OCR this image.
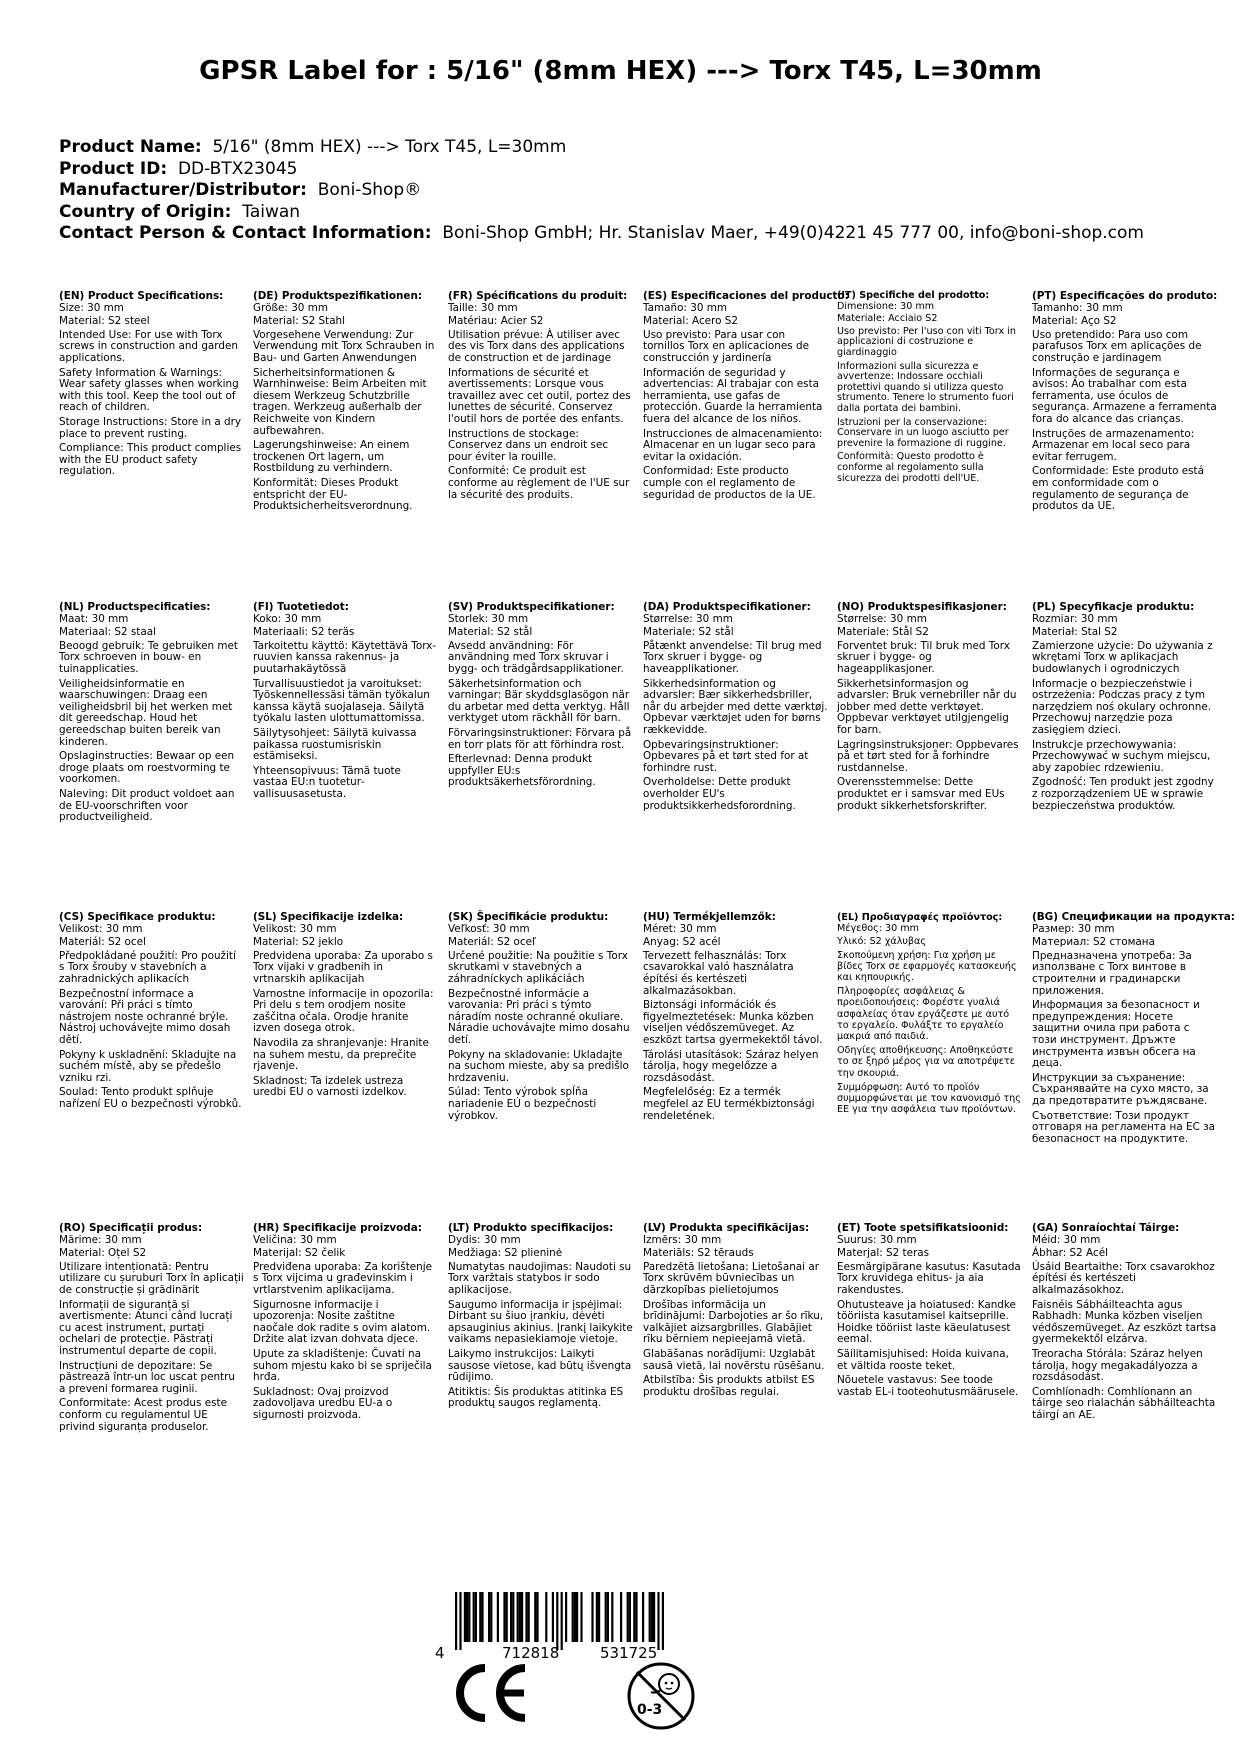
GPSR Label for : 5/16" (8mm HEX) ---> Torx T45, L=30mm
Product Name: 5/16" (8mm HEX) ---> Torx T45, L=30mm
Product ID: DD-BTX23045
Manufacturer/Distributor: Boni-Shop®
Country of Origin: Taiwan
Contact Person & Contact Information: Boni-Shop GmbH; Hr. Stanislav Maer, +49(0)4221 45 777 00, info@boni-shop.com
(EN) Product Specifications:
Size: 30 mm
Material: S2 steel
Intended Use: For use with Torx screws in construction and garden applications.
Safety Information & Warnings: Wear safety glasses when working with this tool. Keep the tool out of reach of children.
Storage Instructions: Store in a dry place to prevent rusting.
Compliance: This product complies with the EU product safety regulation.
(DE) Produktspezifikationen:
Größe: 30 mm
Material: S2 Stahl
Vorgesehene Verwendung: Zur Verwendung mit Torx Schrauben in Bau- und Garten Anwendungen
Sicherheitsinformationen & Warnhinweise: Beim Arbeiten mit diesem Werkzeug Schutzbrille tragen. Werkzeug außerhalb der Reichweite von Kindern aufbewahren.
Lagerungshinweise: An einem trockenen Ort lagern, um Rostbildung zu verhindern.
Konformität: Dieses Produkt entspricht der EU-Produktsicherheitsverordnung.
(FR) Spécifications du produit:
Taille: 30 mm
Matériau: Acier S2
Utilisation prévue: À utiliser avec des vis Torx dans des applications de construction et de jardinage
Informations de sécurité et avertissements: Lorsque vous travaillez avec cet outil, portez des lunettes de sécurité. Conservez l'outil hors de portée des enfants.
Instructions de stockage: Conservez dans un endroit sec pour éviter la rouille.
Conformité: Ce produit est conforme au règlement de l'UE sur la sécurité des produits.
(ES) Especificaciones del producto:
Tamaño: 30 mm
Material: Acero S2
Uso previsto: Para usar con tornillos Torx en aplicaciones de construcción y jardinería
Información de seguridad y advertencias: Al trabajar con esta herramienta, use gafas de protección. Guarde la herramienta fuera del alcance de los niños.
Instrucciones de almacenamiento: Almacenar en un lugar seco para evitar la oxidación.
Conformidad: Este producto cumple con el reglamento de seguridad de productos de la UE.
(IT) Specifiche del prodotto:
Dimensione: 30 mm
Materiale: Acciaio S2
Uso previsto: Per l'uso con viti Torx in applicazioni di costruzione e giardinaggio
Informazioni sulla sicurezza e avvertenze: Indossare occhiali protettivi quando si utilizza questo strumento. Tenere lo strumento fuori dalla portata dei bambini.
Istruzioni per la conservazione: Conservare in un luogo asciutto per prevenire la formazione di ruggine.
Conformità: Questo prodotto è conforme al regolamento sulla sicurezza dei prodotti dell'UE.
(PT) Especificações do produto:
Tamanho: 30 mm
Material: Aço S2
Uso pretendido: Para uso com parafusos Torx em aplicações de construção e jardinagem
Informações de segurança e avisos: Ao trabalhar com esta ferramenta, use óculos de segurança. Armazene a ferramenta fora do alcance das crianças.
Instruções de armazenamento: Armazenar em local seco para evitar ferrugem.
Conformidade: Este produto está em conformidade com o regulamento de segurança de produtos da UE.
(NL) Productspecificaties:
Maat: 30 mm
Materiaal: S2 staal
Beoogd gebruik: Te gebruiken met Torx schroeven in bouw- en tuinapplicaties.
Veiligheidsinformatie en waarschuwingen: Draag een veiligheidsbril bij het werken met dit gereedschap. Houd het gereedschap buiten bereik van kinderen.
Opslaginstructies: Bewaar op een droge plaats om roestvorming te voorkomen.
Naleving: Dit product voldoet aan de EU-voorschriften voor productveiligheid.
(FI) Tuotetiedot:
Koko: 30 mm
Materiaali: S2 teräs
Tarkoitettu käyttö: Käytettävä Torx-ruuvien kanssa rakennus- ja puutarhakäytössä
Turvallisuustiedot ja varoitukset: Työskennellessäsi tämän työkalun kanssa käytä suojalaseja. Säilytä työkalu lasten ulottumattomissa.
Säilytysohjeet: Säilytä kuivassa paikassa ruostumisriskin estämiseksi.
Yhteensopivuus: Tämä tuote vastaa EU:n tuoteturvallisuusasetusta.
(SV) Produktspecifikationer:
Storlek: 30 mm
Material: S2 stål
Avsedd användning: För användning med Torx skruvar i bygg- och trädgårdsapplikationer.
Säkerhetsinformation och varningar: Bär skyddsglasögon när du arbetar med detta verktyg. Håll verktyget utom räckhåll för barn.
Förvaringsinstruktioner: Förvara på en torr plats för att förhindra rost.
Efterlevnad: Denna produkt uppfyller EU:s produktsäkerhetsförordning.
(DA) Produktspecifikationer:
Størrelse: 30 mm
Materiale: S2 stål
Påtænkt anvendelse: Til brug med Torx skruer i bygge- og haveapplikationer.
Sikkerhedsinformation og advarsler: Bær sikkerhedsbriller, når du arbejder med dette værktøj. Opbevar værktøjet uden for børns rækkevidde.
Opbevaringsinstruktioner: Opbevares på et tørt sted for at forhindre rust.
Overholdelse: Dette produkt overholder EU's produktsikkerhedsforordning.
(NO) Produktspesifikasjoner:
Størrelse: 30 mm
Materiale: Stål S2
Forventet bruk: Til bruk med Torx skruer i bygge- og hageapplikasjoner.
Sikkerhetsinformasjon og advarsler: Bruk vernebriller når du jobber med dette verktøyet. Oppbevar verktøyet utilgjengelig for barn.
Lagringsinstruksjoner: Oppbevares på et tørt sted for å forhindre rustdannelse.
Overensstemmelse: Dette produktet er i samsvar med EUs produkt sikkerhetsforskrifter.
(PL) Specyfikacje produktu:
Rozmiar: 30 mm
Materiał: Stal S2
Zamierzone użycie: Do używania z wkrętami Torx w aplikacjach budowlanych i ogrodniczych
Informacje o bezpieczeństwie i ostrzeżenia: Podczas pracy z tym narzędziem noś okulary ochronne. Przechowuj narzędzie poza zasięgiem dzieci.
Instrukcje przechowywania: Przechowywać w suchym miejscu, aby zapobiec rdzewieniu.
Zgodność: Ten produkt jest zgodny z rozporządzeniem UE w sprawie bezpieczeństwa produktów.
(CS) Specifikace produktu:
Velikost: 30 mm
Materiál: S2 ocel
Předpokládané použití: Pro použití s Torx šrouby v stavebních a zahradnických aplikacích
Bezpečnostní informace a varování: Při práci s tímto nástrojem noste ochranné brýle. Nástroj uchovávejte mimo dosah dětí.
Pokyny k uskladnění: Skladujte na suchém místě, aby se předešlo vzniku rzi.
Soulad: Tento produkt splňuje nařízení EU o bezpečnosti výrobků.
(SL) Specifikacije izdelka:
Velikost: 30 mm
Material: S2 jeklo
Predvidena uporaba: Za uporabo s Torx vijaki v gradbenih in vrtnarskih aplikacijah
Varnostne informacije in opozorila: Pri delu s tem orodjem nosite zaščitna očala. Orodje hranite izven dosega otrok.
Navodila za shranjevanje: Hranite na suhem mestu, da preprečite rjavenje.
Skladnost: Ta izdelek ustreza uredbi EU o varnosti izdelkov.
(SK) Špecifikácie produktu:
Veľkosť: 30 mm
Materiál: S2 oceľ
Určené použitie: Na použitie s Torx skrutkami v stavebných a záhradníckych aplikáciách
Bezpečnostné informácie a varovania: Pri práci s týmto náradím noste ochranné okuliare. Náradie uchovávajte mimo dosahu detí.
Pokyny na skladovanie: Ukladajte na suchom mieste, aby sa predišlo hrdzaveniu.
Súlad: Tento výrobok spĺňa nariadenie EÚ o bezpečnosti výrobkov.
(HU) Termékjellemzők:
Méret: 30 mm
Anyag: S2 acél
Tervezett felhasználás: Torx csavarokkal való használatra építési és kertészeti alkalmazásokban.
Biztonsági információk és figyelmeztetések: Munka közben viseljen védőszemüveget. Az eszközt tartsa gyermekektől távol.
Tárolási utasítások: Száraz helyen tárolja, hogy megelőzze a rozsdásodást.
Megfelelőség: Ez a termék megfelel az EU termékbiztonsági rendeletének.
(EL) Προδιαγραφές προϊόντος:
Μέγεθος: 30 mm
Υλικό: S2 χάλυβας
Σκοπούμενη χρήση: Για χρήση με βίδες Torx σε εφαρμογές κατασκευής και κηπουρικής.
Πληροφορίες ασφάλειας & προειδοποιήσεις: Φορέστε γυαλιά ασφαλείας όταν εργάζεστε με αυτό το εργαλείο. Φυλάξτε το εργαλείο μακριά από παιδιά.
Οδηγίες αποθήκευσης: Αποθηκεύστε το σε ξηρό μέρος για να αποτρέψετε την σκουριά.
Συμμόρφωση: Αυτό το προϊόν συμμορφώνεται με τον κανονισμό της ΕΕ για την ασφάλεια των προϊόντων.
(BG) Спецификации на продукта:
Размер: 30 mm
Материал: S2 стомана
Предназначена употреба: За използване с Torx винтове в строителни и градинарски приложения.
Информация за безопасност и предупреждения: Носете защитни очила при работа с този инструмент. Дръжте инструмента извън обсега на деца.
Инструкции за съхранение: Съхранявайте на сухо място, за да предотвратите ръждясване.
Съответствие: Този продукт отговаря на регламента на ЕС за безопасност на продуктите.
(RO) Specificații produs:
Mărime: 30 mm
Material: Oțel S2
Utilizare intenționată: Pentru utilizare cu șuruburi Torx în aplicații de construcție și grădinărit
Informații de siguranță și avertismente: Atunci când lucrați cu acest instrument, purtați ochelari de protecție. Păstrați instrumentul departe de copii.
Instrucțiuni de depozitare: Se păstrează într-un loc uscat pentru a preveni formarea ruginii.
Conformitate: Acest produs este conform cu regulamentul UE privind siguranța produselor.
(HR) Specifikacije proizvoda:
Veličina: 30 mm
Materijal: S2 čelik
Predviđena uporaba: Za korištenje s Torx vijcima u građevinskim i vrtlarstvenim aplikacijama.
Sigurnosne informacije i upozorenja: Nosite zaštitne naočale dok radite s ovim alatom. Držite alat izvan dohvata djece.
Upute za skladištenje: Čuvati na suhom mjestu kako bi se spriječila hrđa.
Sukladnost: Ovaj proizvod zadovoljava uredbu EU-a o sigurnosti proizvoda.
(LT) Produkto specifikacijos:
Dydis: 30 mm
Medžiaga: S2 plieninė
Numatytas naudojimas: Naudoti su Torx varžtais statybos ir sodo aplikacijose.
Saugumo informacija ir įspėjimai: Dirbant su šiuo įrankiu, dėvėti apsauginius akinius. Įrankį laikykite vaikams nepasiekiamoje vietoje.
Laikymo instrukcijos: Laikyti sausose vietose, kad būtų išvengta rūdijimo.
Atitiktis: Šis produktas atitinka ES produktų saugos reglamentą.
(LV) Produkta specifikācijas:
Izmērs: 30 mm
Materiāls: S2 tērauds
Paredzētā lietošana: Lietošanai ar Torx skrūvēm būvniecības un dārzkopības pielietojumos
Drošības informācija un brīdinājumi: Darbojoties ar šo rīku, valkājiet aizsargbrilles. Glabājiet rīku bērniem nepieejamā vietā.
Glabāšanas norādījumi: Uzglabāt sausā vietā, lai novērstu rūsēšanu.
Atbilstība: Šis produkts atbilst ES produktu drošības regulai.
(ET) Toote spetsifikatsioonid:
Suurus: 30 mm
Materjal: S2 teras
Eesmärgipärane kasutus: Kasutada Torx kruvidega ehitus- ja aia rakendustes.
Ohutusteave ja hoiatused: Kandke tööriista kasutamisel kaitseprille. Hoidke tööriist laste käeulatusest eemal.
Säilitamisjuhised: Hoida kuivana, et vältida rooste teket.
Nõuetele vastavus: See toode vastab EL-i tooteohutusmäärusele.
(GA) Sonraíochtaí Táirge:
Méid: 30 mm
Ábhar: S2 Acél
Úsáid Beartaithe: Torx csavarokhoz építési és kertészeti alkalmazásokhoz.
Faisnéis Sábháilteachta agus Rabhadh: Munka közben viseljen védőszemüveget. Az eszközt tartsa gyermekektől elzárva.
Treoracha Stórála: Száraz helyen tárolja, hogy megakadályozza a rozsdásodást.
Comhlíonadh: Comhlíonann an táirge seo rialachán sábháilteachta táirgí an AE.
4	712818	531725
0-3
